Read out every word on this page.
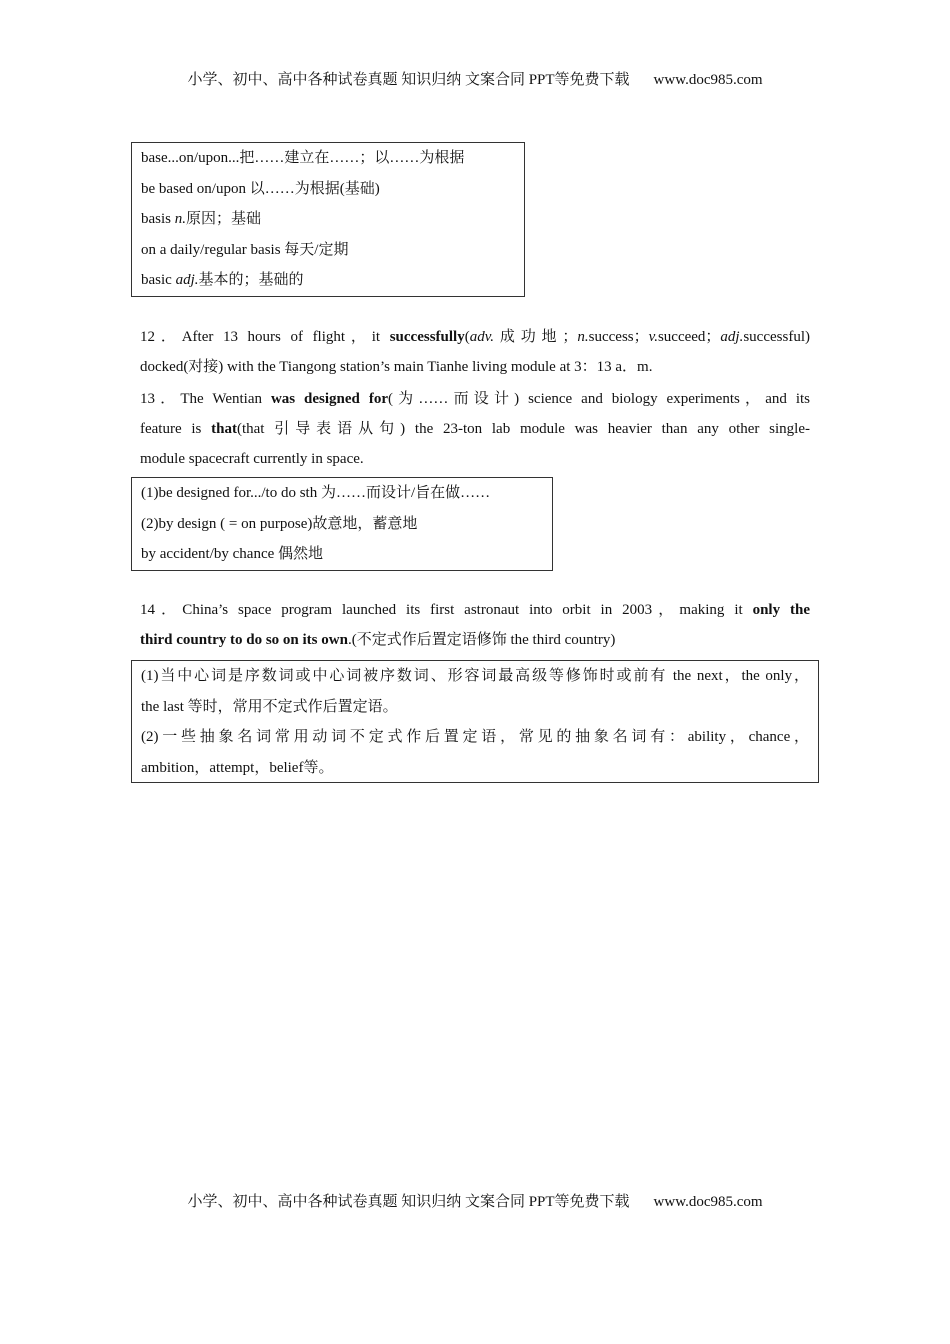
小学、初中、高中各种试卷真题 知识归纳 文案合同 PPT等免费下载 www.doc985.com
base...on/upon...把……建立在……；以……为根据
be based on/upon 以……为根据(基础)
basis n.原因；基础
on a daily/regular basis 每天/定期
basic adj.基本的；基础的
12．After 13 hours of flight，it successfully(adv.成功地；n.success；v.succeed；adj.successful)
docked(对接) with the Tiangong station’s main Tianhe living module at 3：13 a．m.
13．The Wentian was designed for(为……而设计) science and biology experiments，and its
feature is that(that 引导表语从句) the 23-ton lab module was heavier than any other single-
module spacecraft currently in space.
(1)be designed for.../to do sth 为……而设计/旨在做……
(2)by design ( = on purpose)故意地，蓄意地
by accident/by chance 偶然地
14．China’s space program launched its first astronaut into orbit in 2003，making it only the
third country to do so on its own.(不定式作后置定语修饰 the third country)
(1)当中心词是序数词或中心词被序数词、形容词最高级等修饰时或前有 the next，the only，
the last 等时，常用不定式作后置定语。
(2)一些抽象名词常用动词不定式作后置定语，常见的抽象名词有：ability，chance，
ambition，attempt，belief等。
小学、初中、高中各种试卷真题 知识归纳 文案合同 PPT等免费下载 www.doc985.com
